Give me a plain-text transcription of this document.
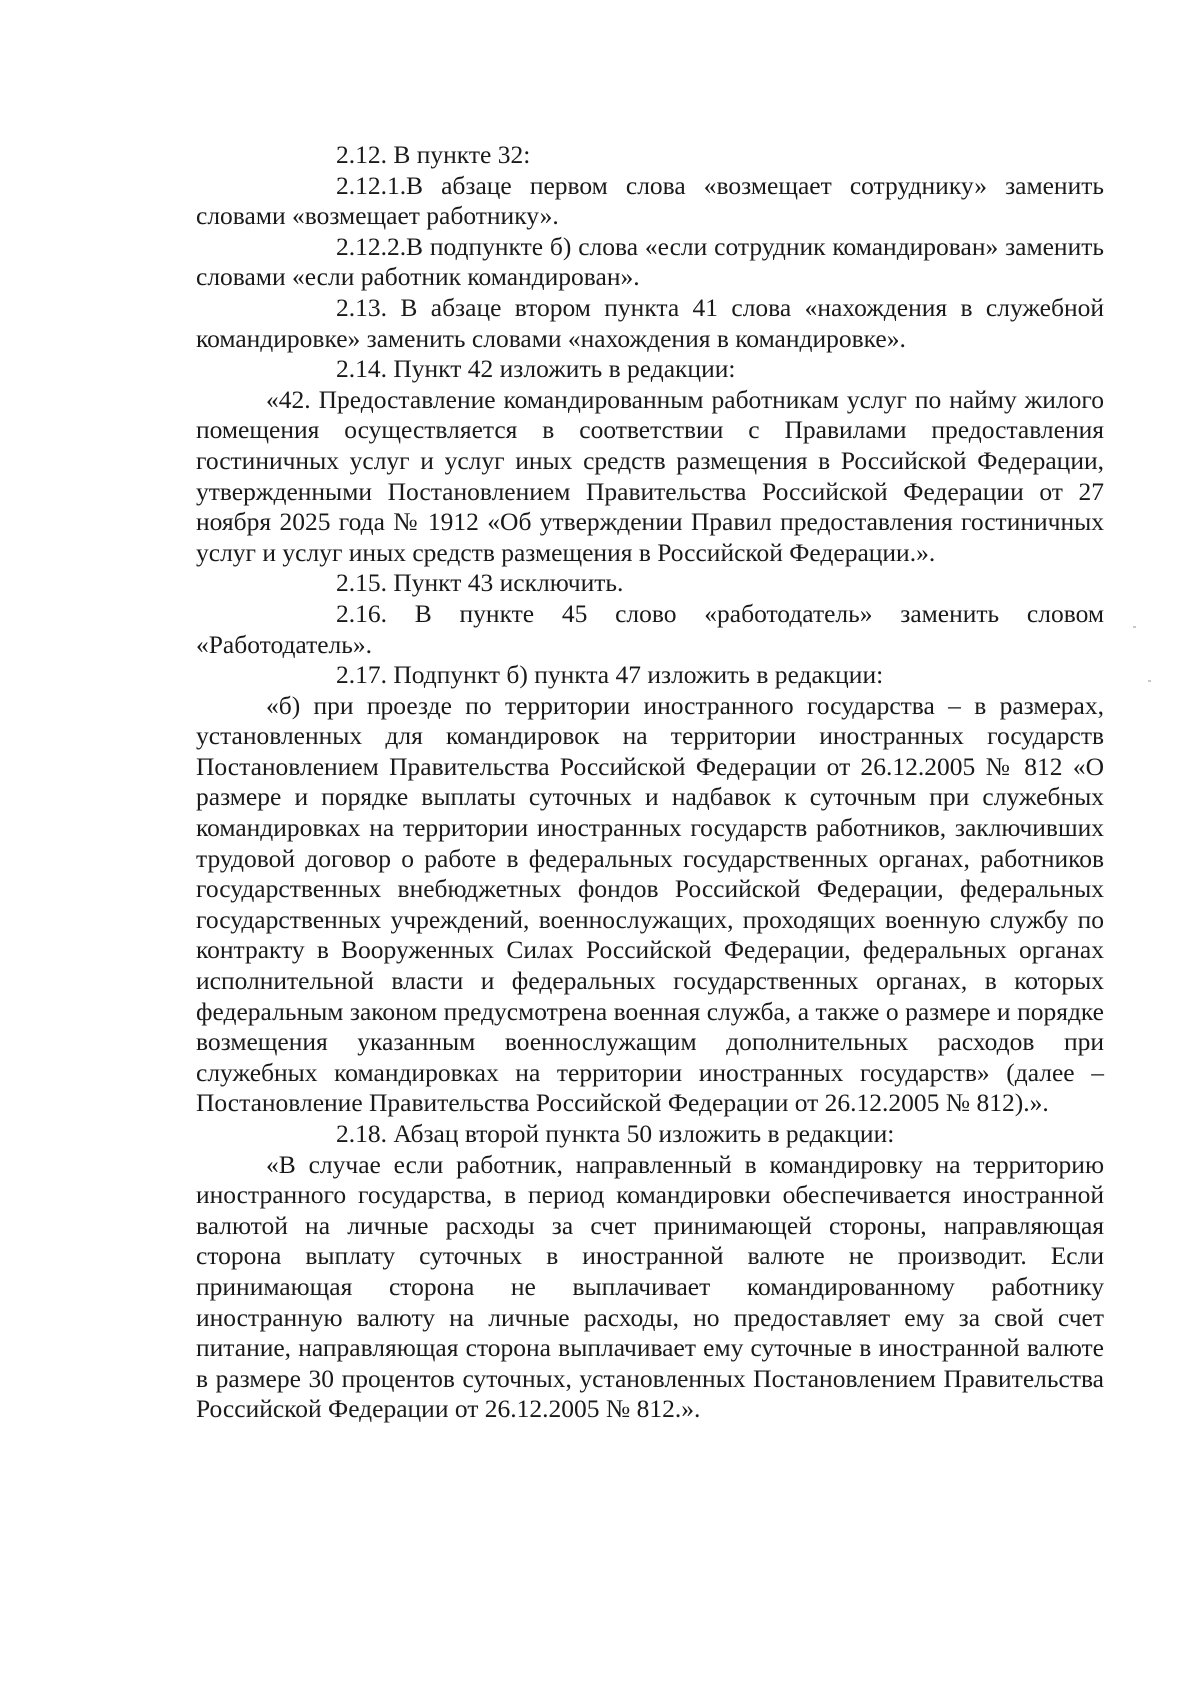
2.12. В пункте 32:

2.12.1.В абзаце первом слова «возмещает сотруднику» заменить словами «возмещает работнику».

2.12.2.В подпункте б) слова «если сотрудник командирован» заменить словами «если работник командирован».

2.13. В абзаце втором пункта 41 слова «нахождения в служебной командировке» заменить словами «нахождения в командировке».

2.14. Пункт 42 изложить в редакции:

«42. Предоставление командированным работникам услуг по найму жилого помещения осуществляется в соответствии с Правилами предоставления гостиничных услуг и услуг иных средств размещения в Российской Федерации, утвержденными Постановлением Правительства Российской Федерации от 27 ноября 2025 года № 1912 «Об утверждении Правил предоставления гостиничных услуг и услуг иных средств размещения в Российской Федерации.».

2.15. Пункт 43 исключить.

2.16. В пункте 45 слово «работодатель» заменить словом «Работодатель».

2.17. Подпункт б) пункта 47 изложить в редакции:

«б) при проезде по территории иностранного государства – в размерах, установленных для командировок на территории иностранных государств Постановлением Правительства Российской Федерации от 26.12.2005 № 812 «О размере и порядке выплаты суточных и надбавок к суточным при служебных командировках на территории иностранных государств работников, заключивших трудовой договор о работе в федеральных государственных органах, работников государственных внебюджетных фондов Российской Федерации, федеральных государственных учреждений, военнослужащих, проходящих военную службу по контракту в Вооруженных Силах Российской Федерации, федеральных органах исполнительной власти и федеральных государственных органах, в которых федеральным законом предусмотрена военная служба, а также о размере и порядке возмещения указанным военнослужащим дополнительных расходов при служебных командировках на территории иностранных государств» (далее – Постановление Правительства Российской Федерации от 26.12.2005 № 812).».

2.18. Абзац второй пункта 50 изложить в редакции:

«В случае если работник, направленный в командировку на территорию иностранного государства, в период командировки обеспечивается иностранной валютой на личные расходы за счет принимающей стороны, направляющая сторона выплату суточных в иностранной валюте не производит. Если принимающая сторона не выплачивает командированному работнику иностранную валюту на личные расходы, но предоставляет ему за свой счет питание, направляющая сторона выплачивает ему суточные в иностранной валюте в размере 30 процентов суточных, установленных Постановлением Правительства Российской Федерации от 26.12.2005 № 812.».
